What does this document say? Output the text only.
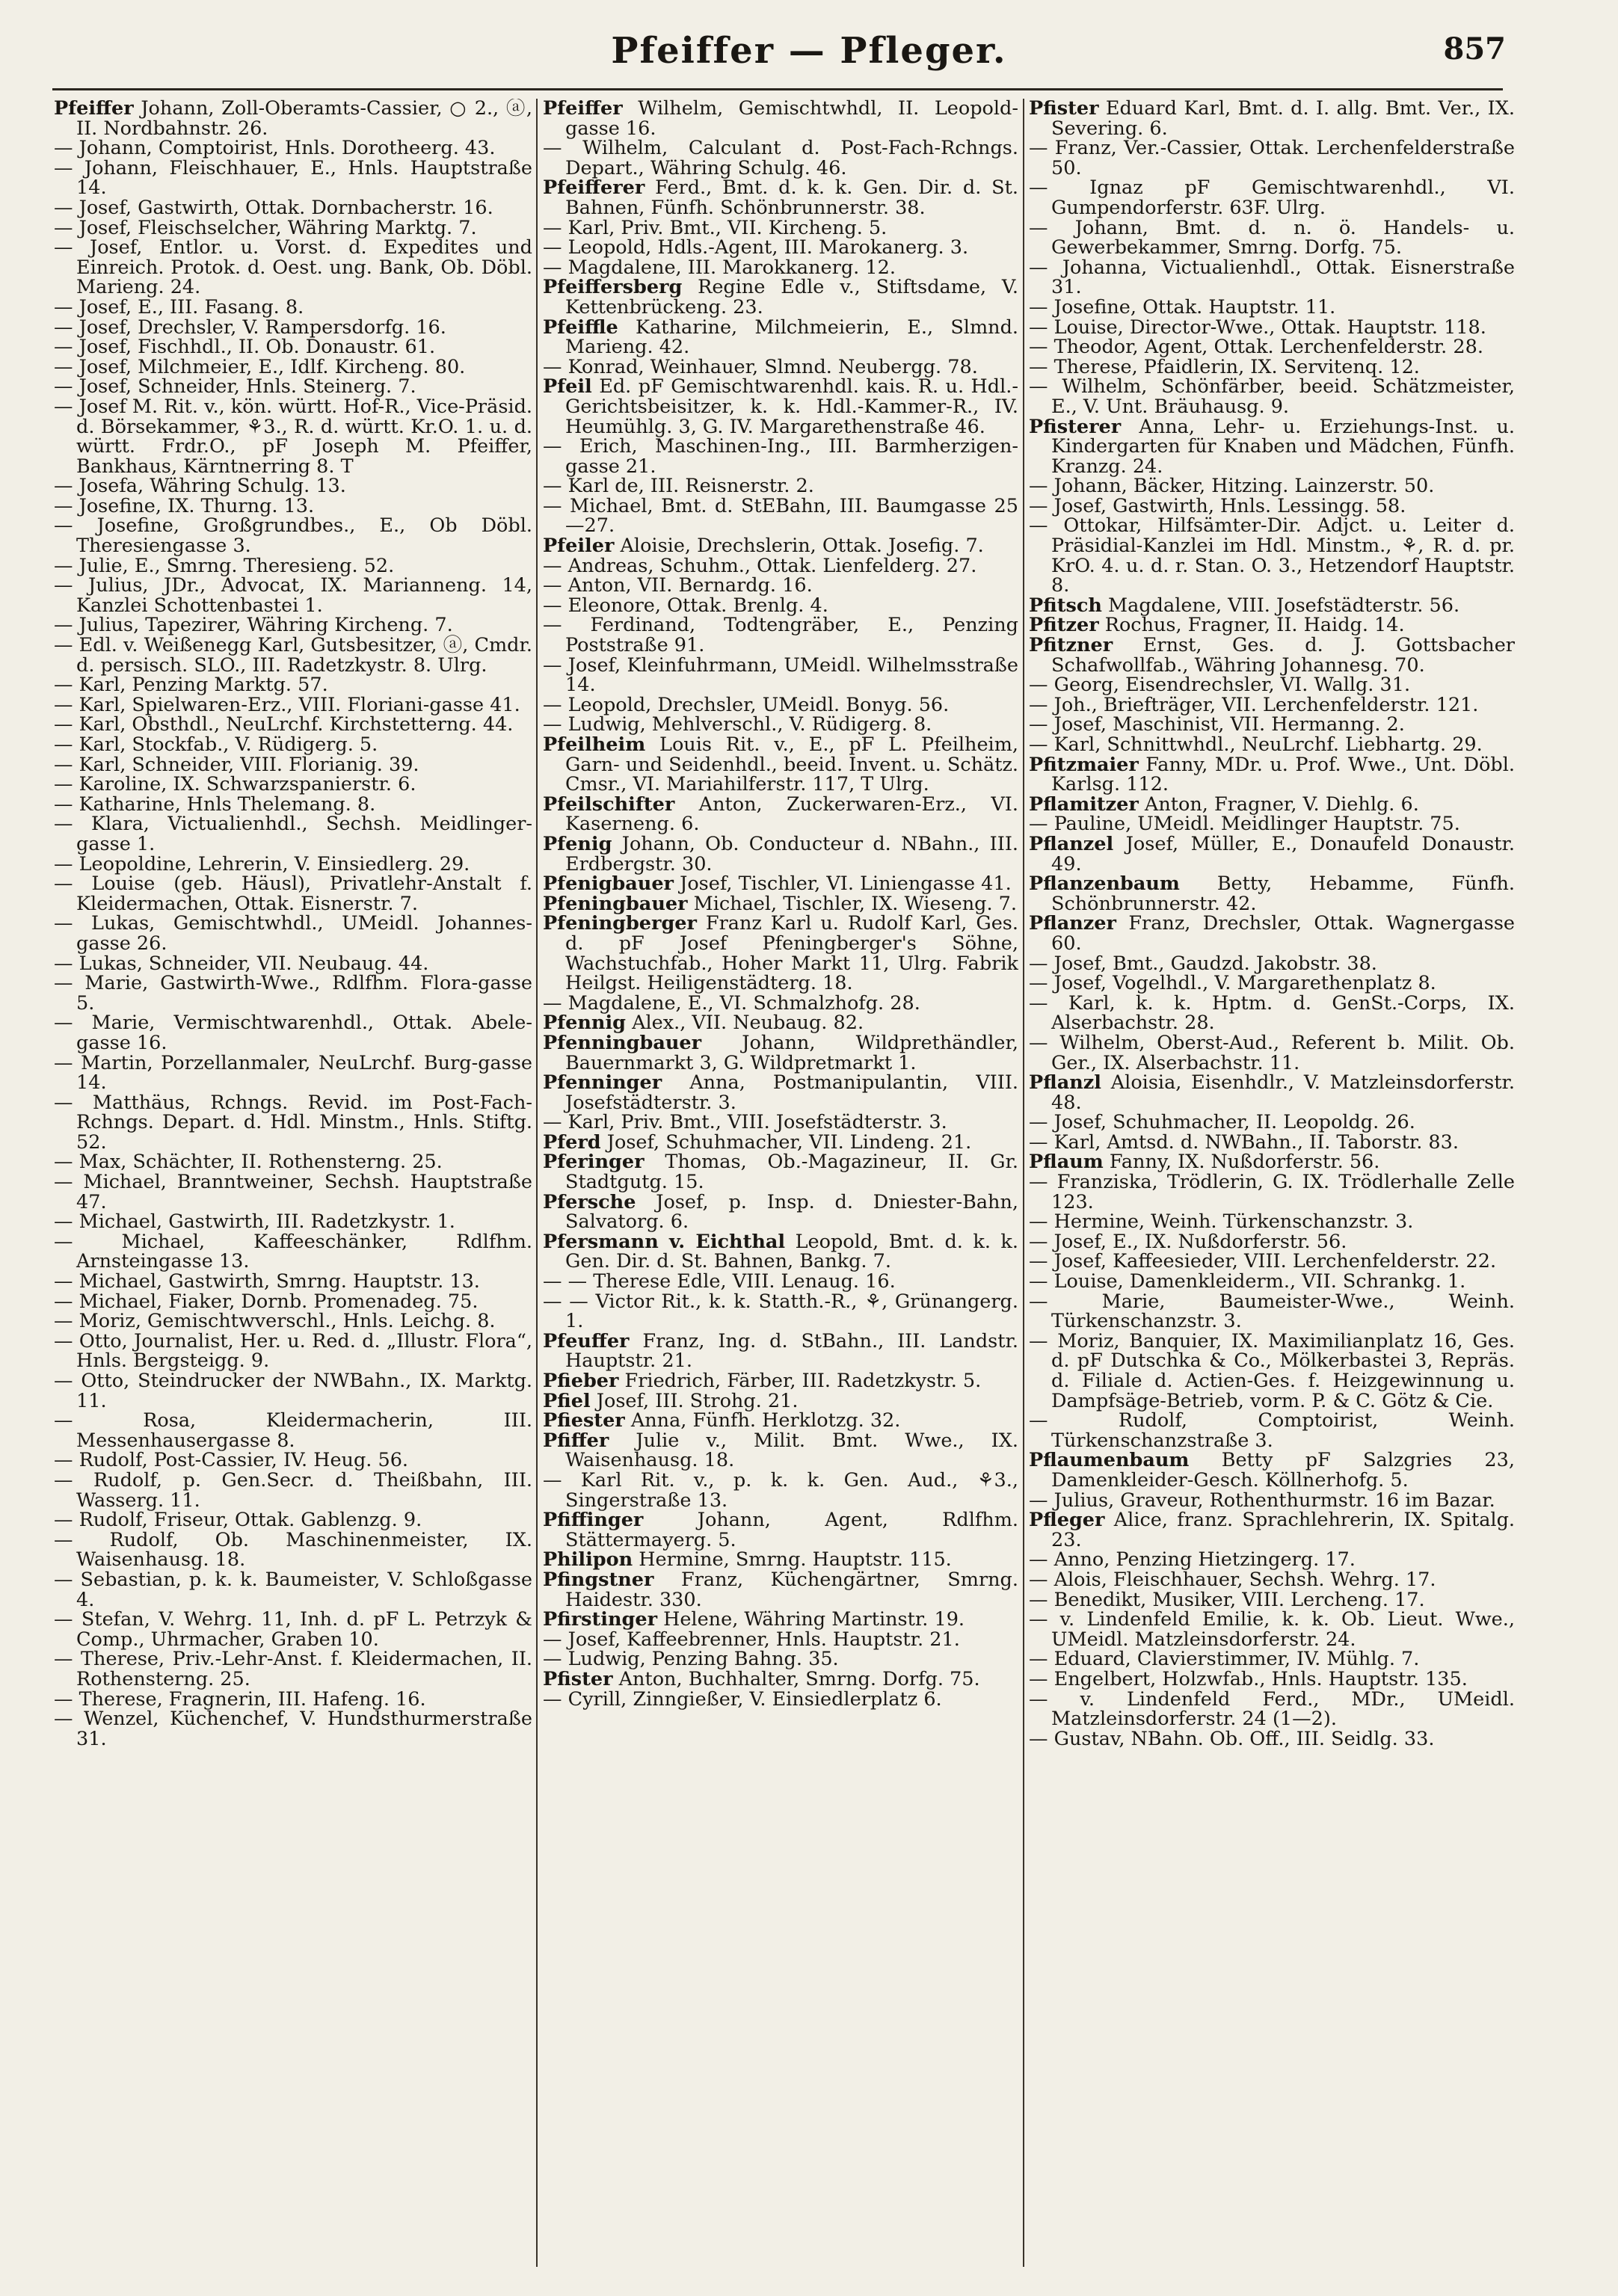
Pfeiffer — Pfleger.	857

Pfeiffer Johann, Zoll-Oberamts-Cassier, ○ 2., ⓐ, II. Nordbahnstr. 26.

— Johann, Comptoirist, Hnls. Dorotheerg. 43.

— Johann, Fleischhauer, E., Hnls. Hauptstraße 14.

— Josef, Gastwirth, Ottak. Dornbacherstr. 16.

— Josef, Fleischselcher, Währing Marktg. 7.

— Josef, Entlor. u. Vorst. d. Expedites und Einreich. Protok. d. Oest. ung. Bank, Ob. Döbl. Marieng. 24.

— Josef, E., III. Fasang. 8.

— Josef, Drechsler, V. Rampersdorfg. 16.

— Josef, Fischhdl., II. Ob. Donaustr. 61.

— Josef, Milchmeier, E., Idlf. Kircheng. 80.

— Josef, Schneider, Hnls. Steinerg. 7.

— Josef M. Rit. v., kön. württ. Hof-R., Vice-Präsid. d. Börsekammer, ⚘3., R. d. württ. Kr.O. 1. u. d. württ. Frdr.O., pF Joseph M. Pfeiffer, Bankhaus, Kärntnerring 8. T

— Josefa, Währing Schulg. 13.

— Josefine, IX. Thurng. 13.

— Josefine, Großgrundbes., E., Ob Döbl. Theresiengasse 3.

— Julie, E., Smrng. Theresieng. 52.

— Julius, JDr., Advocat, IX. Marianneng. 14, Kanzlei Schottenbastei 1.

— Julius, Tapezirer, Währing Kircheng. 7.

— Edl. v. Weißenegg Karl, Gutsbesitzer, ⓐ, Cmdr. d. persisch. SLO., III. Radetzkystr. 8. Ulrg.

— Karl, Penzing Marktg. 57.

— Karl, Spielwaren-Erz., VIII. Floriani-gasse 41.

— Karl, Obsthdl., NeuLrchf. Kirchstetterng. 44.

— Karl, Stockfab., V. Rüdigerg. 5.

— Karl, Schneider, VIII. Florianig. 39.

— Karoline, IX. Schwarzspanierstr. 6.

— Katharine, Hnls Thelemang. 8.

— Klara, Victualienhdl., Sechsh. Meidlinger-gasse 1.

— Leopoldine, Lehrerin, V. Einsiedlerg. 29.

— Louise (geb. Häusl), Privatlehr-Anstalt f. Kleidermachen, Ottak. Eisnerstr. 7.

— Lukas, Gemischtwhdl., UMeidl. Johannes-gasse 26.

— Lukas, Schneider, VII. Neubaug. 44.

— Marie, Gastwirth-Wwe., Rdlfhm. Flora-gasse 5.

— Marie, Vermischtwarenhdl., Ottak. Abele-gasse 16.

— Martin, Porzellanmaler, NeuLrchf. Burg-gasse 14.

— Matthäus, Rchngs. Revid. im Post-Fach-Rchngs. Depart. d. Hdl. Minstm., Hnls. Stiftg. 52.

— Max, Schächter, II. Rothensterng. 25.

— Michael, Branntweiner, Sechsh. Hauptstraße 47.

— Michael, Gastwirth, III. Radetzkystr. 1.

— Michael, Kaffeeschänker, Rdlfhm. Arnsteingasse 13.

— Michael, Gastwirth, Smrng. Hauptstr. 13.

— Michael, Fiaker, Dornb. Promenadeg. 75.

— Moriz, Gemischtwverschl., Hnls. Leichg. 8.

— Otto, Journalist, Her. u. Red. d. „Illustr. Flora“, Hnls. Bergsteigg. 9.

— Otto, Steindrucker der NWBahn., IX. Marktg. 11.

— Rosa, Kleidermacherin, III. Messenhausergasse 8.

— Rudolf, Post-Cassier, IV. Heug. 56.

— Rudolf, p. Gen.Secr. d. Theißbahn, III. Wasserg. 11.

— Rudolf, Friseur, Ottak. Gablenzg. 9.

— Rudolf, Ob. Maschinenmeister, IX. Waisenhausg. 18.

— Sebastian, p. k. k. Baumeister, V. Schloßgasse 4.

— Stefan, V. Wehrg. 11, Inh. d. pF L. Petrzyk & Comp., Uhrmacher, Graben 10.

— Therese, Priv.-Lehr-Anst. f. Kleidermachen, II. Rothensterng. 25.

— Therese, Fragnerin, III. Hafeng. 16.

— Wenzel, Küchenchef, V. Hundsthurmerstraße 31.

Pfeiffer Wilhelm, Gemischtwhdl, II. Leopold-gasse 16.

— Wilhelm, Calculant d. Post-Fach-Rchngs. Depart., Währing Schulg. 46.

Pfeifferer Ferd., Bmt. d. k. k. Gen. Dir. d. St. Bahnen, Fünfh. Schönbrunnerstr. 38.

— Karl, Priv. Bmt., VII. Kircheng. 5.

— Leopold, Hdls.-Agent, III. Marokanerg. 3.

— Magdalene, III. Marokkanerg. 12.

Pfeiffersberg Regine Edle v., Stiftsdame, V. Kettenbrückeng. 23.

Pfeiffle Katharine, Milchmeierin, E., Slmnd. Marieng. 42.

— Konrad, Weinhauer, Slmnd. Neubergg. 78.

Pfeil Ed. pF Gemischtwarenhdl. kais. R. u. Hdl.-Gerichtsbeisitzer, k. k. Hdl.-Kammer-R., IV. Heumühlg. 3, G. IV. Margarethenstraße 46.

— Erich, Maschinen-Ing., III. Barmherzigen-gasse 21.

— Karl de, III. Reisnerstr. 2.

— Michael, Bmt. d. StEBahn, III. Baumgasse 25—27.

Pfeiler Aloisie, Drechslerin, Ottak. Josefig. 7.

— Andreas, Schuhm., Ottak. Lienfelderg. 27.

— Anton, VII. Bernardg. 16.

— Eleonore, Ottak. Brenlg. 4.

— Ferdinand, Todtengräber, E., Penzing Poststraße 91.

— Josef, Kleinfuhrmann, UMeidl. Wilhelmsstraße 14.

— Leopold, Drechsler, UMeidl. Bonyg. 56.

— Ludwig, Mehlverschl., V. Rüdigerg. 8.

Pfeilheim Louis Rit. v., E., pF L. Pfeilheim, Garn- und Seidenhdl., beeid. Invent. u. Schätz. Cmsr., VI. Mariahilferstr. 117, T Ulrg.

Pfeilschifter Anton, Zuckerwaren-Erz., VI. Kaserneng. 6.

Pfenig Johann, Ob. Conducteur d. NBahn., III. Erdbergstr. 30.

Pfenigbauer Josef, Tischler, VI. Liniengasse 41.

Pfeningbauer Michael, Tischler, IX. Wieseng. 7.

Pfeningberger Franz Karl u. Rudolf Karl, Ges. d. pF Josef Pfeningberger's Söhne, Wachstuchfab., Hoher Markt 11, Ulrg. Fabrik Heilgst. Heiligenstädterg. 18.

— Magdalene, E., VI. Schmalzhofg. 28.

Pfennig Alex., VII. Neubaug. 82.

Pfenningbauer Johann, Wildprethändler, Bauernmarkt 3, G. Wildpretmarkt 1.

Pfenninger Anna, Postmanipulantin, VIII. Josefstädterstr. 3.

— Karl, Priv. Bmt., VIII. Josefstädterstr. 3.

Pferd Josef, Schuhmacher, VII. Lindeng. 21.

Pferinger Thomas, Ob.-Magazineur, II. Gr. Stadtgutg. 15.

Pfersche Josef, p. Insp. d. Dniester-Bahn, Salvatorg. 6.

Pfersmann v. Eichthal Leopold, Bmt. d. k. k. Gen. Dir. d. St. Bahnen, Bankg. 7.

— — Therese Edle, VIII. Lenaug. 16.

— — Victor Rit., k. k. Statth.-R., ⚘, Grünangerg. 1.

Pfeuffer Franz, Ing. d. StBahn., III. Landstr. Hauptstr. 21.

Pfieber Friedrich, Färber, III. Radetzkystr. 5.

Pfiel Josef, III. Strohg. 21.

Pfiester Anna, Fünfh. Herklotzg. 32.

Pfiffer Julie v., Milit. Bmt. Wwe., IX. Waisenhausg. 18.

— Karl Rit. v., p. k. k. Gen. Aud., ⚘3., Singerstraße 13.

Pfiffinger Johann, Agent, Rdlfhm. Stättermayerg. 5.

Philipon Hermine, Smrng. Hauptstr. 115.

Pfingstner Franz, Küchengärtner, Smrng. Haidestr. 330.

Pfirstinger Helene, Währing Martinstr. 19.

— Josef, Kaffeebrenner, Hnls. Hauptstr. 21.

— Ludwig, Penzing Bahng. 35.

Pfister Anton, Buchhalter, Smrng. Dorfg. 75.

— Cyrill, Zinngießer, V. Einsiedlerplatz 6.

Pfister Eduard Karl, Bmt. d. I. allg. Bmt. Ver., IX. Severing. 6.

— Franz, Ver.-Cassier, Ottak. Lerchenfelderstraße 50.

— Ignaz pF Gemischtwarenhdl., VI. Gumpendorferstr. 63F. Ulrg.

— Johann, Bmt. d. n. ö. Handels- u. Gewerbekammer, Smrng. Dorfg. 75.

— Johanna, Victualienhdl., Ottak. Eisnerstraße 31.

— Josefine, Ottak. Hauptstr. 11.

— Louise, Director-Wwe., Ottak. Hauptstr. 118.

— Theodor, Agent, Ottak. Lerchenfelderstr. 28.

— Therese, Pfaidlerin, IX. Servitenq. 12.

— Wilhelm, Schönfärber, beeid. Schätzmeister, E., V. Unt. Bräuhausg. 9.

Pfisterer Anna, Lehr- u. Erziehungs-Inst. u. Kindergarten für Knaben und Mädchen, Fünfh. Kranzg. 24.

— Johann, Bäcker, Hitzing. Lainzerstr. 50.

— Josef, Gastwirth, Hnls. Lessingg. 58.

— Ottokar, Hilfsämter-Dir. Adjct. u. Leiter d. Präsidial-Kanzlei im Hdl. Minstm., ⚘, R. d. pr. KrO. 4. u. d. r. Stan. O. 3., Hetzendorf Hauptstr. 8.

Pfitsch Magdalene, VIII. Josefstädterstr. 56.

Pfitzer Rochus, Fragner, II. Haidg. 14.

Pfitzner Ernst, Ges. d. J. Gottsbacher Schafwollfab., Währing Johannesg. 70.

— Georg, Eisendrechsler, VI. Wallg. 31.

— Joh., Briefträger, VII. Lerchenfelderstr. 121.

— Josef, Maschinist, VII. Hermanng. 2.

— Karl, Schnittwhdl., NeuLrchf. Liebhartg. 29.

Pfitzmaier Fanny, MDr. u. Prof. Wwe., Unt. Döbl. Karlsg. 112.

Pflamitzer Anton, Fragner, V. Diehlg. 6.

— Pauline, UMeidl. Meidlinger Hauptstr. 75.

Pflanzel Josef, Müller, E., Donaufeld Donaustr. 49.

Pflanzenbaum Betty, Hebamme, Fünfh. Schönbrunnerstr. 42.

Pflanzer Franz, Drechsler, Ottak. Wagnergasse 60.

— Josef, Bmt., Gaudzd. Jakobstr. 38.

— Josef, Vogelhdl., V. Margarethenplatz 8.

— Karl, k. k. Hptm. d. GenSt.-Corps, IX. Alserbachstr. 28.

— Wilhelm, Oberst-Aud., Referent b. Milit. Ob. Ger., IX. Alserbachstr. 11.

Pflanzl Aloisia, Eisenhdlr., V. Matzleinsdorferstr. 48.

— Josef, Schuhmacher, II. Leopoldg. 26.

— Karl, Amtsd. d. NWBahn., II. Taborstr. 83.

Pflaum Fanny, IX. Nußdorferstr. 56.

— Franziska, Trödlerin, G. IX. Trödlerhalle Zelle 123.

— Hermine, Weinh. Türkenschanzstr. 3.

— Josef, E., IX. Nußdorferstr. 56.

— Josef, Kaffeesieder, VIII. Lerchenfelderstr. 22.

— Louise, Damenkleiderm., VII. Schrankg. 1.

— Marie, Baumeister-Wwe., Weinh. Türkenschanzstr. 3.

— Moriz, Banquier, IX. Maximilianplatz 16, Ges. d. pF Dutschka & Co., Mölkerbastei 3, Repräs. d. Filiale d. Actien-Ges. f. Heizgewinnung u. Dampfsäge-Betrieb, vorm. P. & C. Götz & Cie.

— Rudolf, Comptoirist, Weinh. Türkenschanzstraße 3.

Pflaumenbaum Betty pF Salzgries 23, Damenkleider-Gesch. Köllnerhofg. 5.

— Julius, Graveur, Rothenthurmstr. 16 im Bazar.

Pfleger Alice, franz. Sprachlehrerin, IX. Spitalg. 23.

— Anno, Penzing Hietzingerg. 17.

— Alois, Fleischhauer, Sechsh. Wehrg. 17.

— Benedikt, Musiker, VIII. Lercheng. 17.

— v. Lindenfeld Emilie, k. k. Ob. Lieut. Wwe., UMeidl. Matzleinsdorferstr. 24.

— Eduard, Clavierstimmer, IV. Mühlg. 7.

— Engelbert, Holzwfab., Hnls. Hauptstr. 135.

— v. Lindenfeld Ferd., MDr., UMeidl. Matzleinsdorferstr. 24 (1—2).

— Gustav, NBahn. Ob. Off., III. Seidlg. 33.
